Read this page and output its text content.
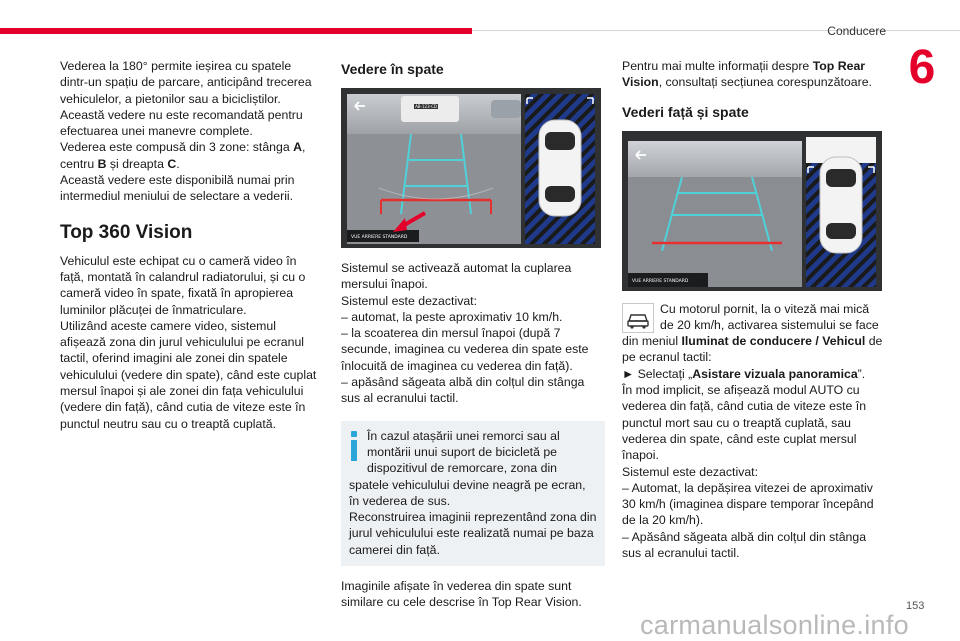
Conducere
6

Vederea la 180° permite ieșirea cu spatele dintr-un spațiu de parcare, anticipând trecerea vehiculelor, a pietonilor sau a bicicliștilor.

Această vedere nu este recomandată pentru efectuarea unei manevre complete.

Vederea este compusă din 3 zone: stânga A, centru B și dreapta C.

Această vedere este disponibilă numai prin intermediul meniului de selectare a vederii.

Top 360 Vision

Vehiculul este echipat cu o cameră video în față, montată în calandrul radiatorului, și cu o cameră video în spate, fixată în apropierea luminilor plăcuței de înmatriculare.

Utilizând aceste camere video, sistemul afișează zona din jurul vehiculului pe ecranul tactil, oferind imagini ale zonei din spatele vehiculului (vedere din spate), când este cuplat mersul înapoi și ale zonei din fața vehiculului (vedere din față), când cutia de viteze este în punctul neutru sau cu o treaptă cuplată.

Vedere în spate
AB-123-CD
VUE ARRIERE STANDARD

Sistemul se activează automat la cuplarea mersului înapoi.

Sistemul este dezactivat:

– automat, la peste aproximativ 10 km/h.

– la scoaterea din mersul înapoi (după 7 secunde, imaginea cu vederea din spate este înlocuită de imaginea cu vederea din față).

– apăsând săgeata albă din colțul din stânga sus al ecranului tactil.

În cazul atașării unei remorci sau al montării unui suport de bicicletă pe dispozitivul de remorcare, zona din spatele vehiculului devine neagră pe ecran, în vederea de sus.

Reconstruirea imaginii reprezentând zona din jurul vehiculului este realizată numai pe baza camerei din față.

Imaginile afișate în vederea din spate sunt similare cu cele descrise în Top Rear Vision.

Pentru mai multe informații despre Top Rear Vision, consultați secțiunea corespunzătoare.

Vederi față și spate
VUE ARRIERE STANDARD

Cu motorul pornit, la o viteză mai mică de 20 km/h, activarea sistemului se face din meniul Iluminat de conducere / Vehicul de pe ecranul tactil:

► Selectați „Asistare vizuala panoramica”.

În mod implicit, se afișează modul AUTO cu vederea din față, când cutia de viteze este în punctul mort sau cu o treaptă cuplată, sau vederea din spate, când este cuplat mersul înapoi.

Sistemul este dezactivat:

– Automat, la depășirea vitezei de aproximativ 30 km/h (imaginea dispare temporar începând de la 20 km/h).

– Apăsând săgeata albă din colțul din stânga sus al ecranului tactil.

153
carmanualsonline.info
